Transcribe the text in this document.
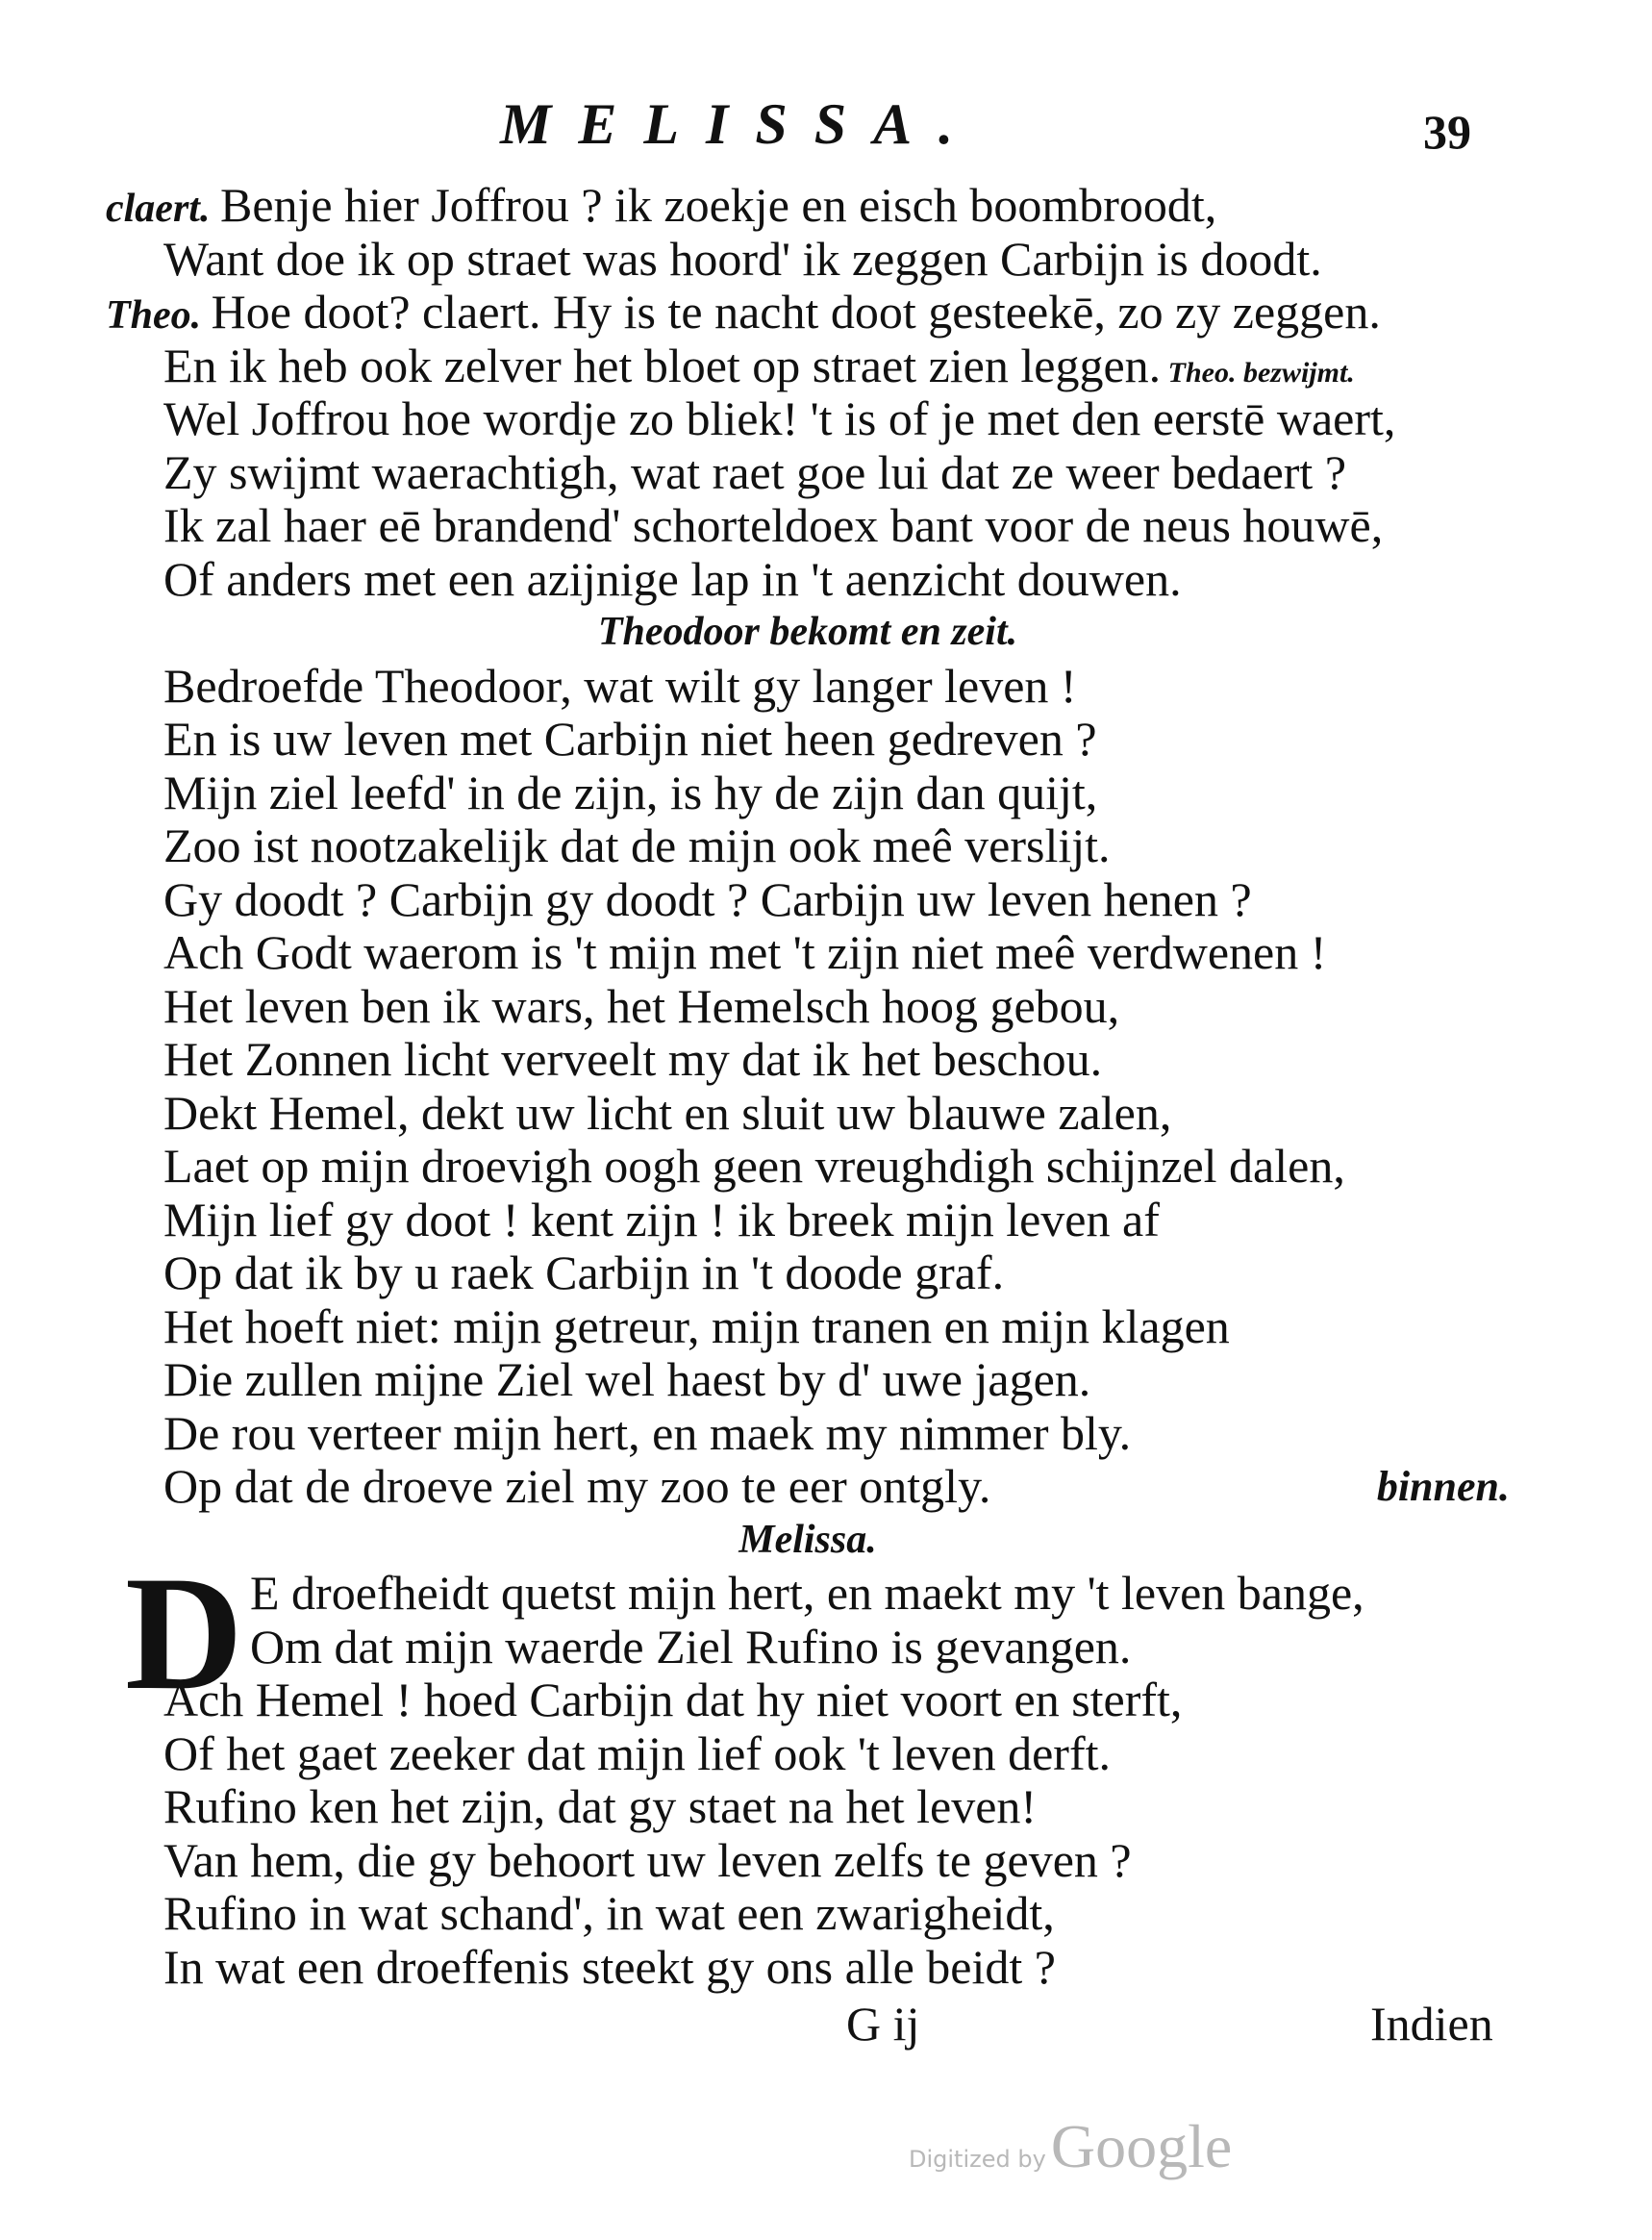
MELISSA.	39
D
claert. Benje hier Joffrou ? ik zoekje en eisch boombroodt,
Want doe ik op straet was hoord' ik zeggen Carbijn is doodt.
Theo. Hoe doot? claert. Hy is te nacht doot gesteekē, zo zy zeggen.
En ik heb ook zelver het bloet op straet zien leggen. Theo. bezwijmt.
Wel Joffrou hoe wordje zo bliek! 't is of je met den eerstē waert,
Zy swijmt waerachtigh, wat raet goe lui dat ze weer bedaert ?
Ik zal haer eē brandend' schorteldoex bant voor de neus houwē,
Of anders met een azijnige lap in 't aenzicht douwen.
Theodoor bekomt en zeit.
Bedroefde Theodoor, wat wilt gy langer leven !
En is uw leven met Carbijn niet heen gedreven ?
Mijn ziel leefd' in de zijn, is hy de zijn dan quijt,
Zoo ist nootzakelijk dat de mijn ook meê verslijt.
Gy doodt ? Carbijn gy doodt ? Carbijn uw leven henen ?
Ach Godt waerom is 't mijn met 't zijn niet meê verdwenen !
Het leven ben ik wars, het Hemelsch hoog gebou,
Het Zonnen licht verveelt my dat ik het beschou.
Dekt Hemel, dekt uw licht en sluit uw blauwe zalen,
Laet op mijn droevigh oogh geen vreughdigh schijnzel dalen,
Mijn lief gy doot ! kent zijn ! ik breek mijn leven af
Op dat ik by u raek Carbijn in 't doode graf.
Het hoeft niet: mijn getreur, mijn tranen en mijn klagen
Die zullen mijne Ziel wel haest by d' uwe jagen.
De rou verteer mijn hert, en maek my nimmer bly.
Op dat de droeve ziel my zoo te eer ontgly.	binnen.
Melissa.
E droefheidt quetst mijn hert, en maekt my 't leven bange,
Om dat mijn waerde Ziel Rufino is gevangen.
Ach Hemel ! hoed Carbijn dat hy niet voort en sterft,
Of het gaet zeeker dat mijn lief ook 't leven derft.
Rufino ken het zijn, dat gy staet na het leven!
Van hem, die gy behoort uw leven zelfs te geven ?
Rufino in wat schand', in wat een zwarigheidt,
In wat een droeffenis steekt gy ons alle beidt ?
G ij	Indien
Digitized by Google
